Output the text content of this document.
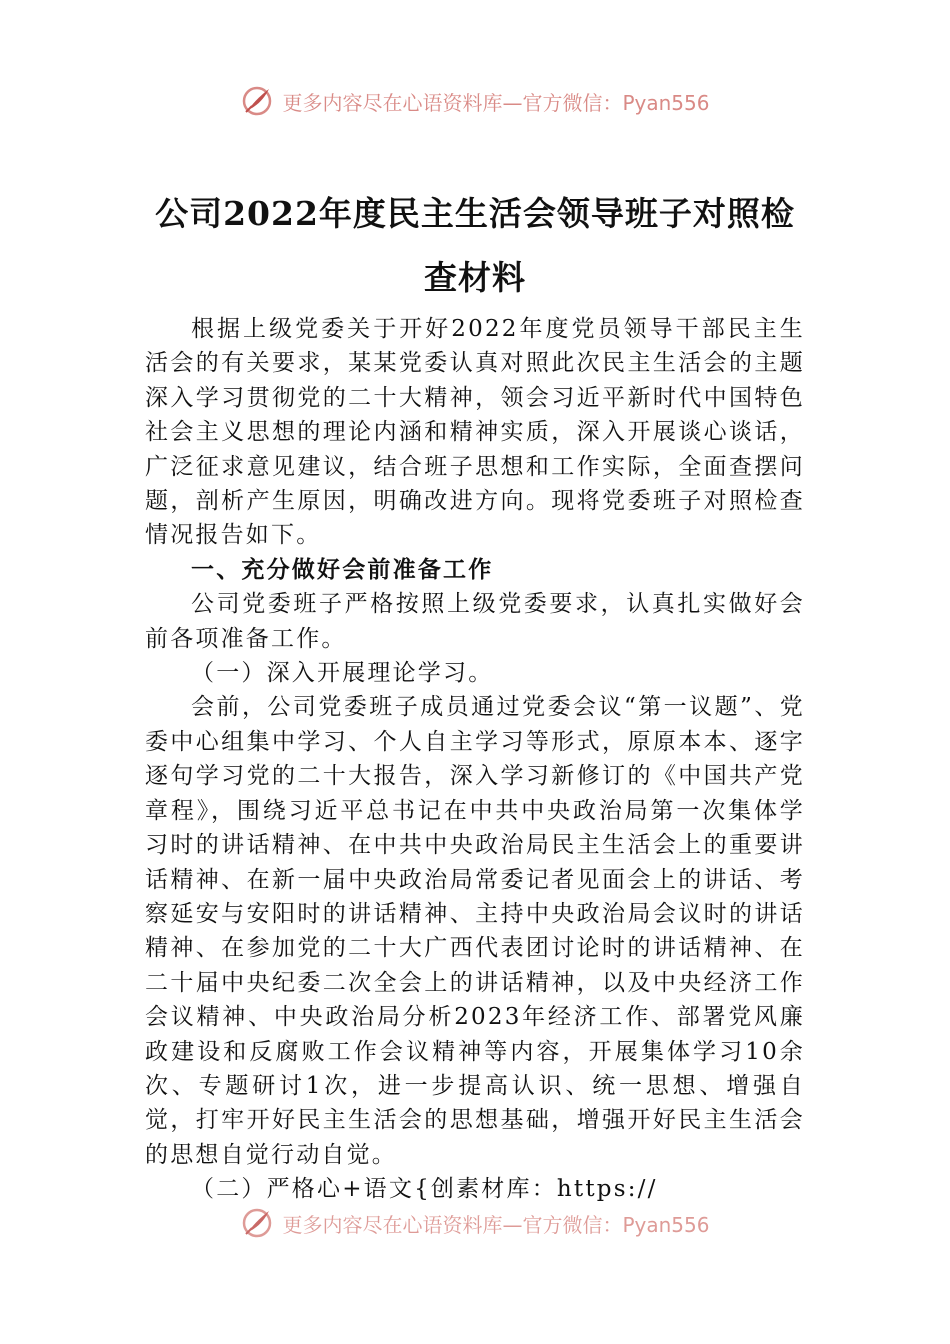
更多内容尽在心语资料库—官方微信：Pyan556
公司2022年度民主生活会领导班子对照检
查材料

根据上级党委关于开好2022年度党员领导干部民主生活会的有关要求，某某党委认真对照此次民主生活会的主题深入学习贯彻党的二十大精神，领会习近平新时代中国特色社会主义思想的理论内涵和精神实质，深入开展谈心谈话，广泛征求意见建议，结合班子思想和工作实际，全面查摆问题，剖析产生原因，明确改进方向。现将党委班子对照检查情况报告如下。

一、充分做好会前准备工作

公司党委班子严格按照上级党委要求，认真扎实做好会前各项准备工作。

（一）深入开展理论学习。

会前，公司党委班子成员通过党委会议“第一议题”、党委中心组集中学习、个人自主学习等形式，原原本本、逐字逐句学习党的二十大报告，深入学习新修订的《中国共产党章程》，围绕习近平总书记在中共中央政治局第一次集体学习时的讲话精神、在中共中央政治局民主生活会上的重要讲话精神、在新一届中央政治局常委记者见面会上的讲话、考察延安与安阳时的讲话精神、主持中央政治局会议时的讲话精神、在参加党的二十大广西代表团讨论时的讲话精神、在二十届中央纪委二次全会上的讲话精神，以及中央经济工作会议精神、中央政治局分析2023年经济工作、部署党风廉政建设和反腐败工作会议精神等内容，开展集体学习10余次、专题研讨1次，进一步提高认识、统一思想、增强自觉，打牢开好民主生活会的思想基础，增强开好民主生活会的思想自觉行动自觉。

（二）严格心+语文{创素材库：https://

更多内容尽在心语资料库—官方微信：Pyan556
